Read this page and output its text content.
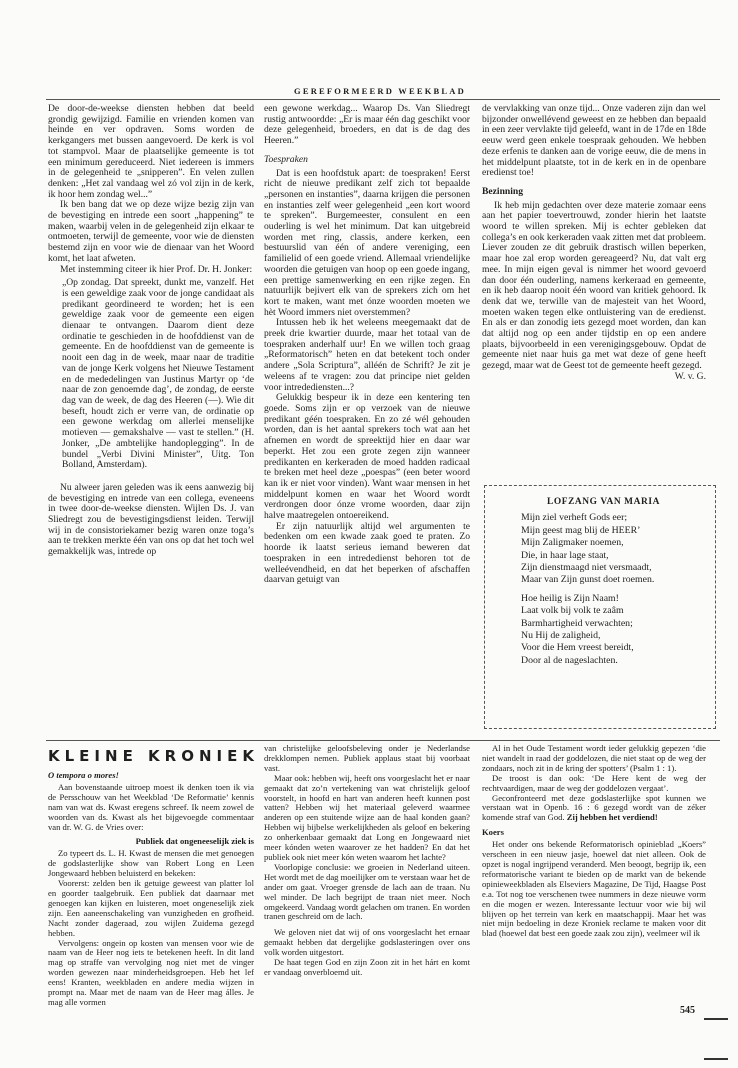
GEREFORMEERD WEEKBLAD

De door-de-weekse diensten hebben dat beeld grondig gewijzigd. Familie en vrienden komen van heinde en ver opdraven. Soms worden de kerkgangers met bussen aangevoerd. De kerk is vol tot stampvol. Maar de plaatselijke gemeente is tot een minimum gereduceerd. Niet iedereen is immers in de gelegenheid te „snipperen”. En velen zullen denken: „Het zal vandaag wel zó vol zijn in de kerk, ik hoor hem zondag wel...”

Ik ben bang dat we op deze wijze bezig zijn van de bevestiging en intrede een soort „happening” te maken, waarbij velen in de gelegenheid zijn elkaar te ontmoeten, terwijl de gemeente, voor wie de diensten bestemd zijn en voor wie de dienaar van het Woord komt, het laat afweten.

Met instemming citeer ik hier Prof. Dr. H. Jonker:

„Op zondag. Dat spreekt, dunkt me, vanzelf. Het is een geweldige zaak voor de jonge candidaat als predikant geordineerd te worden; het is een geweldige zaak voor de gemeente een eigen dienaar te ontvangen. Daarom dient deze ordinatie te geschieden in de hoofddienst van de gemeente. En de hoofddienst van de gemeente is nooit een dag in de week, maar naar de traditie van de jonge Kerk volgens het Nieuwe Testament en de mededelingen van Justinus Martyr op ‘de naar de zon genoemde dag’, de zondag, de eerste dag van de week, de dag des Heeren (—). Wie dit beseft, houdt zich er verre van, de ordinatie op een gewone werkdag om allerlei menselijke motieven — gemakshalve — vast te stellen.” (H. Jonker, „De ambtelijke handoplegging”. In de bundel „Verbi Divini Minister”, Uitg. Ton Bolland, Amsterdam).

Nu alweer jaren geleden was ik eens aanwezig bij de bevestiging en intrede van een collega, eveneens in twee door-de-weekse diensten. Wijlen Ds. J. van Sliedregt zou de bevestigingsdienst leiden. Terwijl wij in de consistoriekamer bezig waren onze toga’s aan te trekken merkte één van ons op dat het toch wel gemakkelijk was, intrede op

een gewone werkdag... Waarop Ds. Van Sliedregt rustig antwoordde: „Er is maar één dag geschikt voor deze gelegenheid, broeders, en dat is de dag des Heeren.”

Toespraken

Dat is een hoofdstuk apart: de toespraken! Eerst richt de nieuwe predikant zelf zich tot bepaalde „personen en instanties”, daarna krijgen die personen en instanties zelf weer gelegenheid „een kort woord te spreken”. Burgemeester, consulent en een ouderling is wel het minimum. Dat kan uitgebreid worden met ring, classis, andere kerken, een bestuurslid van één of andere vereniging, een familielid of een goede vriend. Allemaal vriendelijke woorden die getuigen van hoop op een goede ingang, een prettige samenwerking en een rijke zegen. En natuurlijk bejivert elk van de sprekers zich om het kort te maken, want met ónze woorden moeten we hèt Woord immers niet overstemmen?

Intussen heb ik het weleens meegemaakt dat de preek drie kwartier duurde, maar het totaal van de toespraken anderhalf uur! En we willen toch graag „Reformatorisch” heten en dat betekent toch onder andere „Sola Scriptura”, alléén de Schrift? Je zit je weleens af te vragen: zou dat principe niet gelden voor intredediensten...?

Gelukkig bespeur ik in deze een kentering ten goede. Soms zijn er op verzoek van de nieuwe predikant géén toespraken. En zo zé wél gehouden worden, dan is het aantal sprekers toch wat aan het afnemen en wordt de spreektijd hier en daar war beperkt. Het zou een grote zegen zijn wanneer predikanten en kerkeraden de moed hadden radicaal te breken met heel deze „poespas” (een beter woord kan ik er niet voor vinden). Want waar mensen in het middelpunt komen en waar het Woord wordt verdrongen door ónze vrome woorden, daar zijn halve maatregelen ontoereikend.

Er zijn natuurlijk altijd wel argumenten te bedenken om een kwade zaak goed te praten. Zo hoorde ik laatst serieus iemand beweren dat toespraken in een intrededienst behoren tot de welleévendheid, en dat het beperken of afschaffen daarvan getuigt van

de vervlakking van onze tijd... Onze vaderen zijn dan wel bijzonder onwellévend geweest en ze hebben dan bepaald in een zeer vervlakte tijd geleefd, want in de 17de en 18de eeuw werd geen enkele toespraak gehouden. We hebben deze erfenis te danken aan de vorige eeuw, die de mens in het middelpunt plaatste, tot in de kerk en in de openbare eredienst toe!

Bezinning

Ik heb mijn gedachten over deze materie zomaar eens aan het papier toevertrouwd, zonder hierin het laatste woord te willen spreken. Mij is echter gebleken dat collega’s en ook kerkeraden vaak zitten met dat probleem. Liever zouden ze dit gebruik drastisch willen beperken, maar hoe zal erop worden gereageerd? Nu, dat valt erg mee. In mijn eigen geval is nimmer het woord gevoerd dan door één ouderling, namens kerkeraad en gemeente, en ik heb daarop nooit één woord van kritiek gehoord. Ik denk dat we, terwille van de majesteit van het Woord, moeten waken tegen elke ontluistering van de eredienst. En als er dan zonodig iets gezegd moet worden, dan kan dat altijd nog op een ander tijdstip en op een andere plaats, bijvoorbeeld in een verenigingsgebouw. Opdat de gemeente niet naar huis ga met wat deze of gene heeft gezegd, maar wat de Geest tot de gemeente heeft gezegd.

W. v. G.

LOFZANG VAN MARIA
Mijn ziel verheft Gods eer;
Mijn geest mag blij de HEER’
Mijn Zaligmaker noemen,
Die, in haar lage staat,
Zijn dienstmaagd niet versmaadt,
Maar van Zijn gunst doet roemen.
Hoe heilig is Zijn Naam!
Laat volk bij volk te zaâm
Barmhartigheid verwachten;
Nu Hij de zaligheid,
Voor die Hem vreest bereidt,
Door al de nageslachten.
KLEINE KRONIEK

O tempora o mores!

Aan bovenstaande uitroep moest ik denken toen ik via de Persschouw van het Weekblad ‘De Reformatie’ kennis nam van wat ds. Kwast eregens schreef. Ik neem zowel de woorden van ds. Kwast als het bijgevoegde commentaar van dr. W. G. de Vries over:

Publiek dat ongeneeselijk ziek is

Zo typeert ds. L. H. Kwast de mensen die met genoegen de godslasterlijke show van Robert Long en Leen Jongewaard hebben beluisterd en bekeken:

Voorerst: zelden ben ik getuige geweest van platter lol en goorder taalgebruik. Een publiek dat daarnaar met genoegen kan kijken en luisteren, moet ongeneselijk ziek zijn. Een aaneenschakeling van vunzigheden en grofheid. Nacht zonder dageraad, zou wijlen Zuidema gezegd hebben.

Vervolgens: ongein op kosten van mensen voor wie de naam van de Heer nog iets te betekenen heeft. In dit land mag op straffe van vervolging nog niet met de vinger worden gewezen naar minderheidsgroepen. Heb het lef eens! Kranten, weekbladen en andere media wijzen in prompt na. Maar met de naam van de Heer mag álles. Je mag alle vormen

van christelijke geloofsbeleving onder je Nederlandse drekklompen nemen. Publiek applaus staat bij voorbaat vast.

Maar ook: hebben wij, heeft ons voorgeslacht het er naar gemaakt dat zo’n vertekening van wat christelijk geloof voorstelt, in hoofd en hart van anderen heeft kunnen post vatten? Hebben wij het materiaal geleverd waarmee anderen op een stuitende wijze aan de haal konden gaan? Hebben wij bijbelse werkelijkheden als geloof en bekering zo onherkenbaar gemaakt dat Long en Jongewaard niet meer kónden weten waarover ze het hadden? En dat het publiek ook niet meer kón weten waarom het lachte?

Voorlopige conclusie: we groeien in Nederland uiteen. Het wordt met de dag moeilijker om te verstaan waar het de ander om gaat. Vroeger grensde de lach aan de traan. Nu wel minder. De lach begrijpt de traan niet meer. Noch omgekeerd. Vandaag wordt gelachen om tranen. En worden tranen geschreid om de lach.

We geloven niet dat wij of ons voorgeslacht het ernaar gemaakt hebben dat dergelijke godslasteringen over ons volk worden uitgestort.

De haat tegen God en zijn Zoon zit in het hárt en komt er vandaag onverbloemd uit.

Al in het Oude Testament wordt ieder gelukkig gepezen ‘die niet wandelt in raad der goddelozen, die niet staat op de weg der zondaars, noch zit in de kring der spotters’ (Psalm 1 : 1).

De troost is dan ook: ‘De Here kent de weg der rechtvaardigen, maar de weg der goddelozen vergaat’.

Geconfronteerd met deze godslasterlijke spot kunnen we verstaan wat in Openb. 16 : 6 gezegd wordt van de zéker komende straf van God. Zij hebben het verdiend!

Koers

Het onder ons bekende Reformatorisch opinieblad „Koers” verscheen in een nieuw jasje, hoewel dat niet alleen. Ook de opzet is nogal ingrijpend veranderd. Men beoogt, begrijp ik, een reformatorische variant te bieden op de markt van de bekende opinieweekbladen als Elseviers Magazine, De Tijd, Haagse Post e.a. Tot nog toe verschenen twee nummers in deze nieuwe vorm en die mogen er wezen. Interessante lectuur voor wie bij wil blijven op het terrein van kerk en maatschappij. Maar het was niet mijn bedoeling in deze Kroniek reclame te maken voor dit blad (hoewel dat best een goede zaak zou zijn), veelmeer wil ik

545
